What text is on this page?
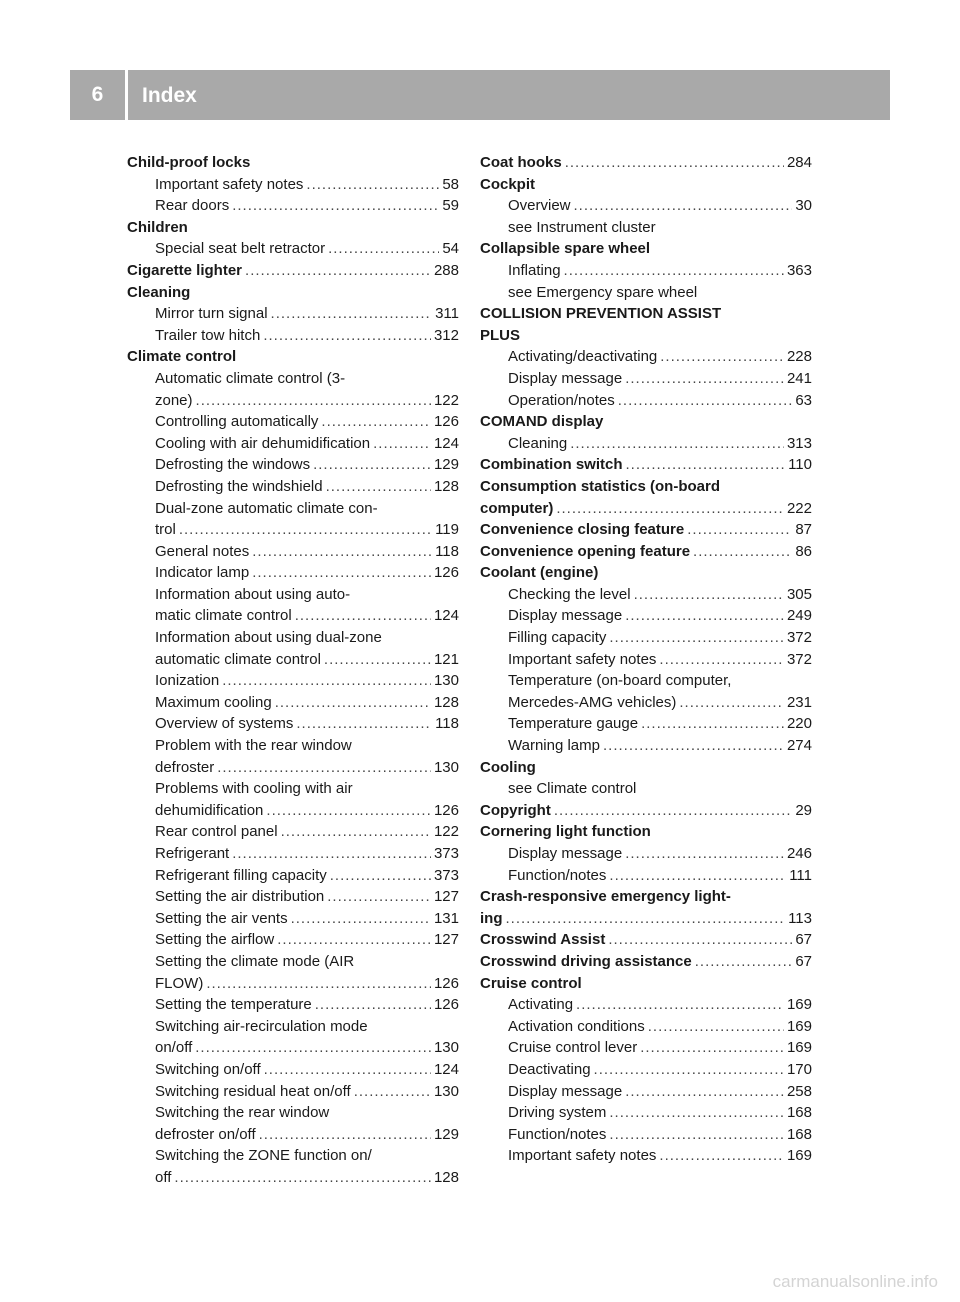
6	Index
Child-proof locks
Important safety notes .....	58
Rear doors .....	59
Children
Special seat belt retractor .....	54
Cigarette lighter .....	288
Cleaning
Mirror turn signal .....	311
Trailer tow hitch .....	312
Climate control
Automatic climate control (3-
zone) .....	122
Controlling automatically .....	126
Cooling with air dehumidification .....	124
Defrosting the windows .....	129
Defrosting the windshield .....	128
Dual-zone automatic climate con-
trol .....	119
General notes .....	118
Indicator lamp .....	126
Information about using auto-
matic climate control .....	124
Information about using dual-zone
automatic climate control .....	121
Ionization .....	130
Maximum cooling .....	128
Overview of systems .....	118
Problem with the rear window
defroster .....	130
Problems with cooling with air
dehumidification .....	126
Rear control panel .....	122
Refrigerant .....	373
Refrigerant filling capacity .....	373
Setting the air distribution .....	127
Setting the air vents .....	131
Setting the airflow .....	127
Setting the climate mode (AIR
FLOW) .....	126
Setting the temperature .....	126
Switching air-recirculation mode
on/off .....	130
Switching on/off .....	124
Switching residual heat on/off .....	130
Switching the rear window
defroster on/off .....	129
Switching the ZONE function on/
off .....	128
Coat hooks .....	284
Cockpit
Overview .....	30
see Instrument cluster
Collapsible spare wheel
Inflating .....	363
see Emergency spare wheel
COLLISION PREVENTION ASSIST
PLUS
Activating/deactivating .....	228
Display message .....	241
Operation/notes .....	63
COMAND display
Cleaning .....	313
Combination switch .....	110
Consumption statistics (on-board
computer) .....	222
Convenience closing feature .....	87
Convenience opening feature .....	86
Coolant (engine)
Checking the level .....	305
Display message .....	249
Filling capacity .....	372
Important safety notes .....	372
Temperature (on-board computer,
Mercedes-AMG vehicles) .....	231
Temperature gauge .....	220
Warning lamp .....	274
Cooling
see Climate control
Copyright .....	29
Cornering light function
Display message .....	246
Function/notes .....	111
Crash-responsive emergency light-
ing .....	113
Crosswind Assist .....	67
Crosswind driving assistance .....	67
Cruise control
Activating .....	169
Activation conditions .....	169
Cruise control lever .....	169
Deactivating .....	170
Display message .....	258
Driving system .....	168
Function/notes .....	168
Important safety notes .....	169
carmanualsonline.info
